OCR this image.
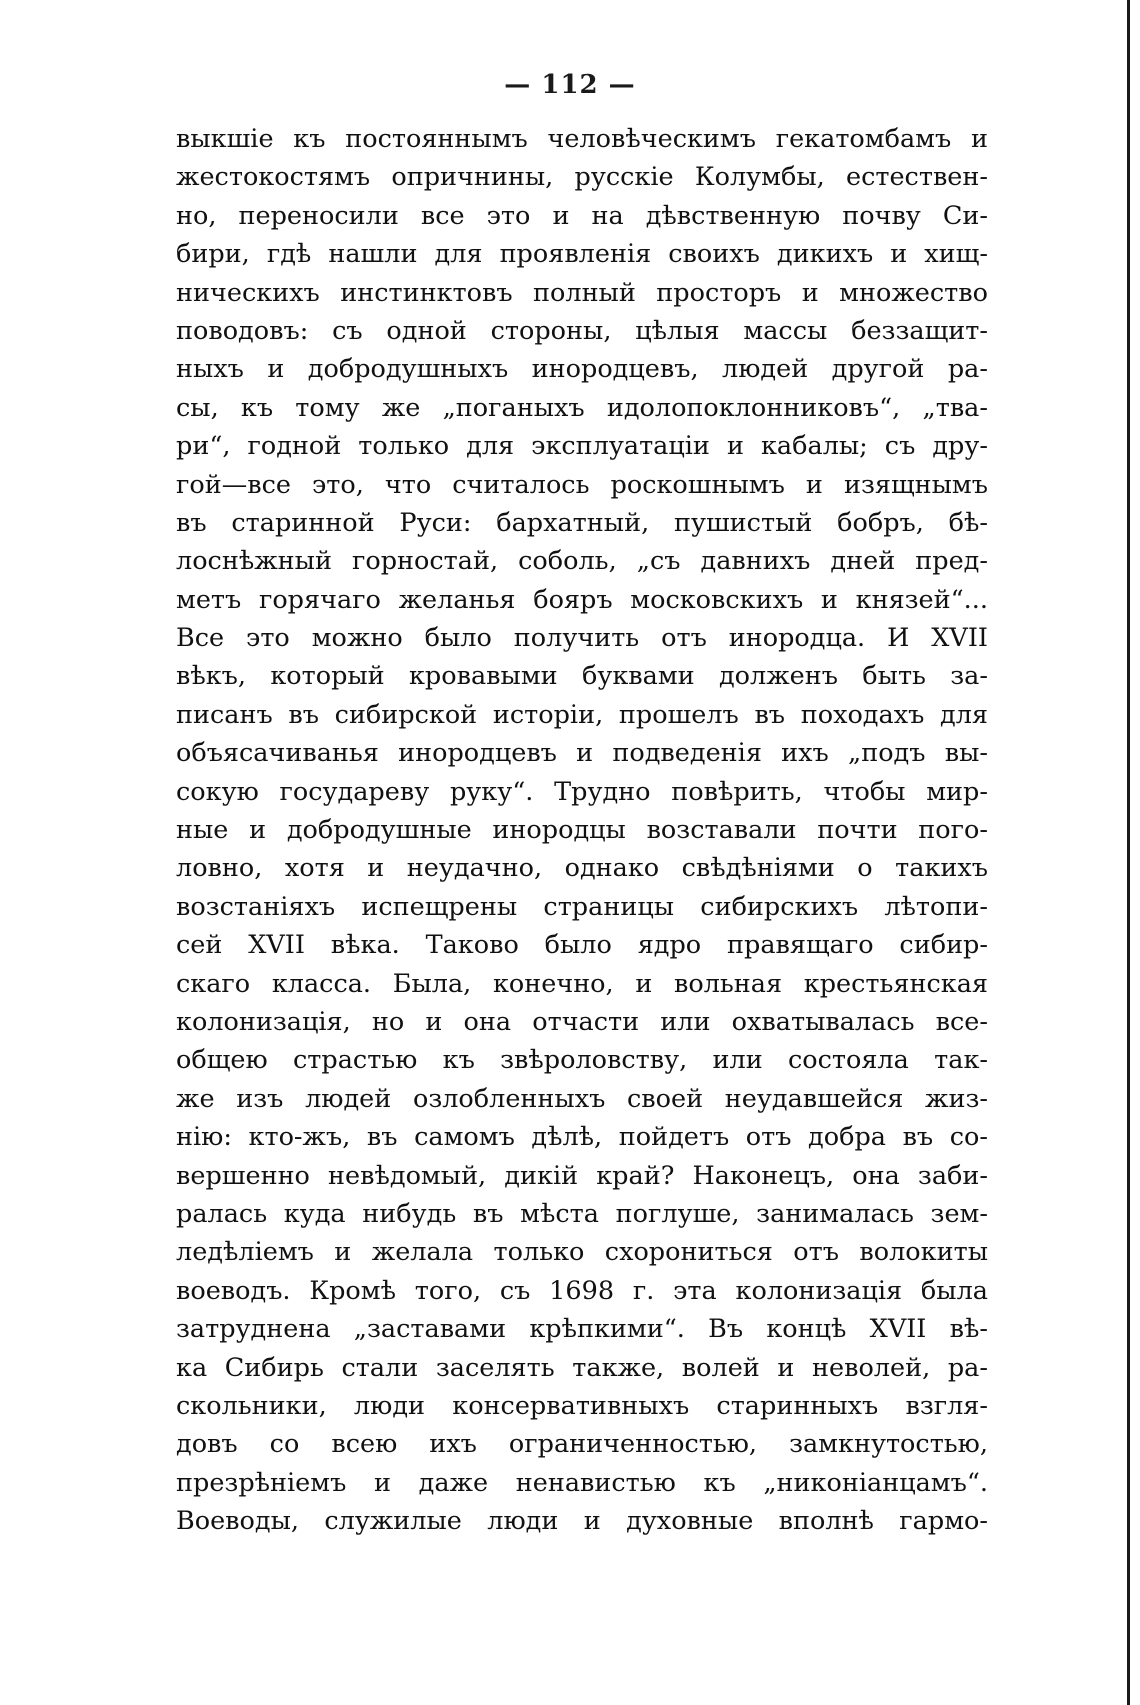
— 112 —
выкшіе къ постояннымъ человѣческимъ гекатомбамъ и
жестокостямъ опричнины, русскіе Колумбы, естествен-
но, переносили все это и на дѣвственную почву Си-
бири, гдѣ нашли для проявленія своихъ дикихъ и хищ-
ническихъ инстинктовъ полный просторъ и множество
поводовъ: съ одной стороны, цѣлыя массы беззащит-
ныхъ и добродушныхъ инородцевъ, людей другой ра-
сы, къ тому же „поганыхъ идолопоклонниковъ“, „тва-
ри“, годной только для эксплуатаціи и кабалы; съ дру-
гой—все это, что считалось роскошнымъ и изящнымъ
въ старинной Руси: бархатный, пушистый бобръ, бѣ-
лоснѣжный горностай, соболь, „съ давнихъ дней пред-
метъ горячаго желанья бояръ московскихъ и князей“...
Все это можно было получить отъ инородца. И XVII
вѣкъ, который кровавыми буквами долженъ быть за-
писанъ въ сибирской исторіи, прошелъ въ походахъ для
объясачиванья инородцевъ и подведенія ихъ „подъ вы-
сокую государеву руку“. Трудно повѣрить, чтобы мир-
ные и добродушные инородцы возставали почти пого-
ловно, хотя и неудачно, однако свѣдѣніями о такихъ
возстаніяхъ испещрены страницы сибирскихъ лѣтопи-
сей XVII вѣка. Таково было ядро правящаго сибир-
скаго класса. Была, конечно, и вольная крестьянская
колонизація, но и она отчасти или охватывалась все-
общею страстью къ звѣроловству, или состояла так-
же изъ людей озлобленныхъ своей неудавшейся жиз-
нію: кто-жъ, въ самомъ дѣлѣ, пойдетъ отъ добра въ со-
вершенно невѣдомый, дикій край? Наконецъ, она заби-
ралась куда нибудь въ мѣста поглуше, занималась зем-
ледѣліемъ и желала только схорониться отъ волокиты
воеводъ. Кромѣ того, съ 1698 г. эта колонизація была
затруднена „заставами крѣпкими“. Въ концѣ XVII вѣ-
ка Сибирь стали заселять также, волей и неволей, ра-
скольники, люди консервативныхъ старинныхъ взгля-
довъ со всею ихъ ограниченностью, замкнутостью,
презрѣніемъ и даже ненавистью къ „никоніанцамъ“.
Воеводы, служилые люди и духовные вполнѣ гармо-
